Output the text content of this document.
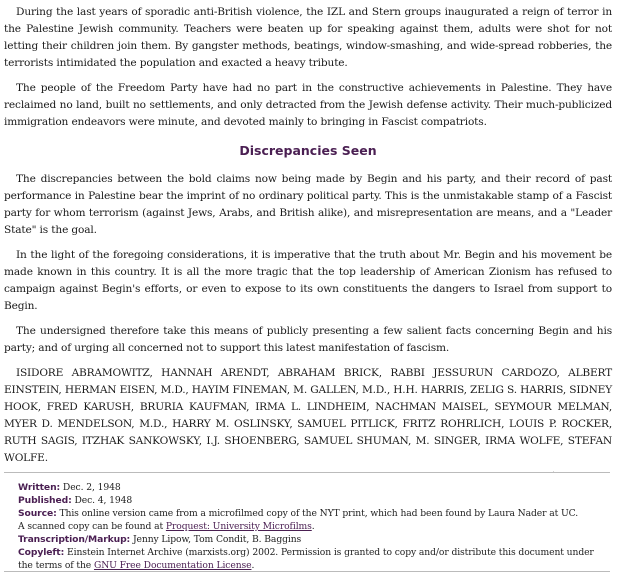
During the last years of sporadic anti-British violence, the IZL and Stern groups inaugurated a reign of terror in the Palestine Jewish community. Teachers were beaten up for speaking against them, adults were shot for not letting their children join them. By gangster methods, beatings, window-smashing, and wide-spread robberies, the terrorists intimidated the population and exacted a heavy tribute.

The people of the Freedom Party have had no part in the constructive achievements in Palestine. They have reclaimed no land, built no settlements, and only detracted from the Jewish defense activity. Their much-publicized immigration endeavors were minute, and devoted mainly to bringing in Fascist compatriots.

Discrepancies Seen

The discrepancies between the bold claims now being made by Begin and his party, and their record of past performance in Palestine bear the imprint of no ordinary political party. This is the unmistakable stamp of a Fascist party for whom terrorism (against Jews, Arabs, and British alike), and misrepresentation are means, and a "Leader State" is the goal.

In the light of the foregoing considerations, it is imperative that the truth about Mr. Begin and his movement be made known in this country. It is all the more tragic that the top leadership of American Zionism has refused to campaign against Begin's efforts, or even to expose to its own constituents the dangers to Israel from support to Begin.

The undersigned therefore take this means of publicly presenting a few salient facts concerning Begin and his party; and of urging all concerned not to support this latest manifestation of fascism.

ISIDORE ABRAMOWITZ, HANNAH ARENDT, ABRAHAM BRICK, RABBI JESSURUN CARDOZO, ALBERT EINSTEIN, HERMAN EISEN, M.D., HAYIM FINEMAN, M. GALLEN, M.D., H.H. HARRIS, ZELIG S. HARRIS, SIDNEY HOOK, FRED KARUSH, BRURIA KAUFMAN, IRMA L. LINDHEIM, NACHMAN MAISEL, SEYMOUR MELMAN, MYER D. MENDELSON, M.D., HARRY M. OSLINSKY, SAMUEL PITLICK, FRITZ ROHRLICH, LOUIS P. ROCKER, RUTH SAGIS, ITZHAK SANKOWSKY, I.J. SHOENBERG, SAMUEL SHUMAN, M. SINGER, IRMA WOLFE, STEFAN WOLFE.

Written: Dec. 2, 1948
Published: Dec. 4, 1948
Source: This online version came from a microfilmed copy of the NYT print, which had been found by Laura Nader at UC.
A scanned copy can be found at Proquest: University Microfilms.
Transcription/Markup: Jenny Lipow, Tom Condit, B. Baggins
Copyleft: Einstein Internet Archive (marxists.org) 2002. Permission is granted to copy and/or distribute this document under
the terms of the GNU Free Documentation License.
